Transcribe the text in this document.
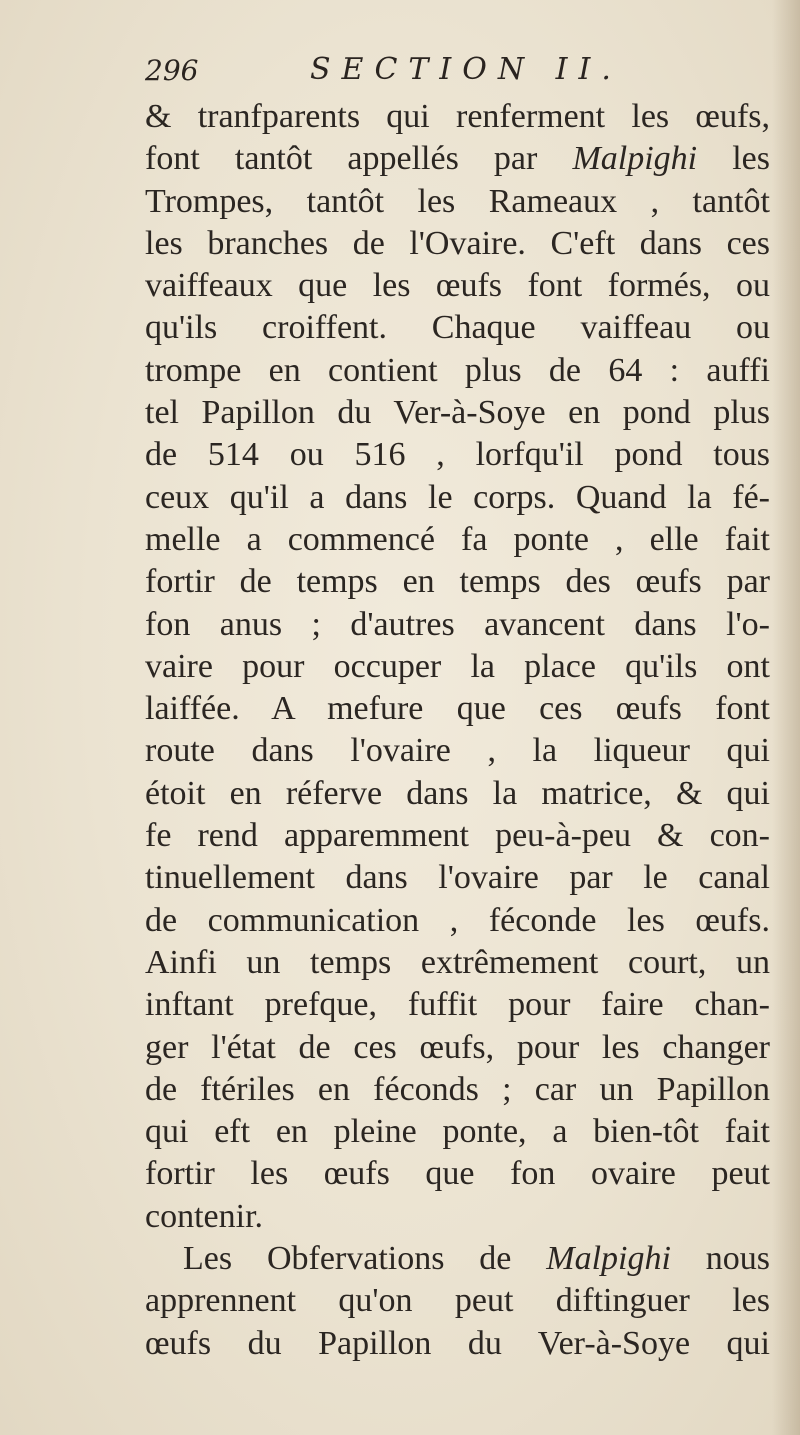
296	SECTION II.
& tranfparents qui renferment les œufs,
font tantôt appellés par Malpighi les
Trompes, tantôt les Rameaux , tantôt
les branches de l'Ovaire. C'eft dans ces
vaiffeaux que les œufs font formés, ou
qu'ils croiffent. Chaque vaiffeau ou
trompe en contient plus de 64 : auffi
tel Papillon du Ver-à-Soye en pond plus
de 514 ou 516 , lorfqu'il pond tous
ceux qu'il a dans le corps. Quand la fé-
melle a commencé fa ponte , elle fait
fortir de temps en temps des œufs par
fon anus ; d'autres avancent dans l'o-
vaire pour occuper la place qu'ils ont
laiffée. A mefure que ces œufs font
route dans l'ovaire , la liqueur qui
étoit en réferve dans la matrice, & qui
fe rend apparemment peu-à-peu & con-
tinuellement dans l'ovaire par le canal
de communication , féconde les œufs.
Ainfi un temps extrêmement court, un
inftant prefque, fuffit pour faire chan-
ger l'état de ces œufs, pour les changer
de ftériles en féconds ; car un Papillon
qui eft en pleine ponte, a bien-tôt fait
fortir les œufs que fon ovaire peut
contenir.
Les Obfervations de Malpighi nous
apprennent qu'on peut diftinguer les
œufs du Papillon du Ver-à-Soye qui
